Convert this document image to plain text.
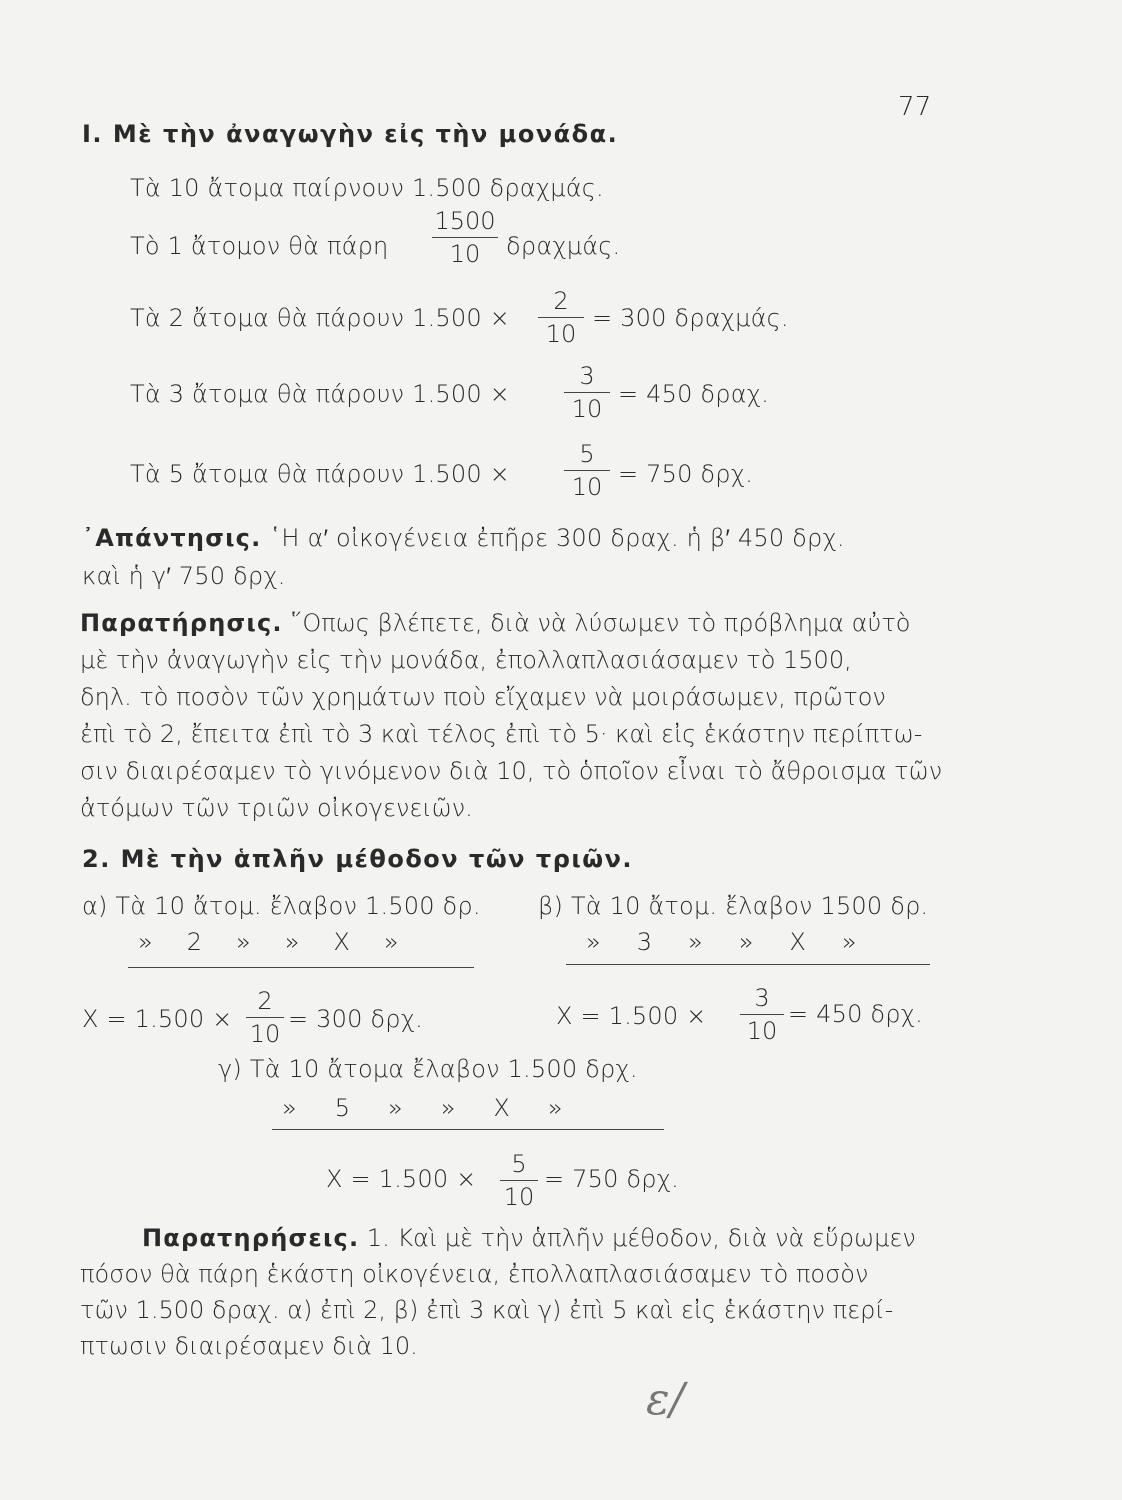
77
I. Μὲ τὴν ἀναγωγὴν εἰς τὴν μονάδα.
Τὰ 10 ἄτομα παίρνουν 1.500 δραχμάς.
Τὸ 1 ἄτομον θὰ πάρη
1500
10	δραχμάς.
Τὰ 2 ἄτομα θὰ πάρουν 1.500 ×
2
10
= 300 δραχμάς.
Τὰ 3 ἄτομα θὰ πάρουν 1.500 ×
3
10
= 450 δραχ.
Τὰ 5 ἄτομα θὰ πάρουν 1.500 ×
5
10 = 750 δρχ.
᾿Απάντησις. ῾Η α′ οἰκογένεια ἐπῆρε 300 δραχ. ἡ β′ 450 δρχ.
καὶ ἡ γ′ 750 δρχ.
Παρατήρησις. ῞Οπως βλέπετε, διὰ νὰ λύσωμεν τὸ πρόβλημα αὐτὸ
μὲ τὴν ἀναγωγὴν εἰς τὴν μονάδα, ἐπολλαπλασιάσαμεν τὸ 1500,
δηλ. τὸ ποσὸν τῶν χρημάτων ποὺ εἴχαμεν νὰ μοιράσωμεν, πρῶτον
ἐπὶ τὸ 2, ἔπειτα ἐπὶ τὸ 3 καὶ τέλος ἐπὶ τὸ 5· καὶ εἰς ἑκάστην περίπτω-
σιν διαιρέσαμεν τὸ γινόμενον διὰ 10, τὸ ὁποῖον εἶναι τὸ ἄθροισμα τῶν
ἀτόμων τῶν τριῶν οἰκογενειῶν.
2. Μὲ τὴν ἁπλῆν μέθοδον τῶν τριῶν.
α) Τὰ 10 ἄτομ. ἔλαβον 1.500 δρ.
» 2 » » Χ »
Χ = 1.500 ×
2
10
= 300 δρχ.
β) Τὰ 10 ἄτομ. ἔλαβον 1500 δρ.
» 3 » » Χ »
Χ = 1.500 ×
3
10
= 450 δρχ.
γ) Τὰ 10 ἄτομα ἔλαβον 1.500 δρχ.
» 5 » » Χ »
Χ = 1.500 ×
5
10
= 750 δρχ.
Παρατηρήσεις. 1. Καὶ μὲ τὴν ἁπλῆν μέθοδον, διὰ νὰ εὕρωμεν
πόσον θὰ πάρη ἑκάστη οἰκογένεια, ἐπολλαπλασιάσαμεν τὸ ποσὸν
τῶν 1.500 δραχ. α) ἐπὶ 2, β) ἐπὶ 3 καὶ γ) ἐπὶ 5 καὶ εἰς ἑκάστην περί-
πτωσιν διαιρέσαμεν διὰ 10.
ε∕
